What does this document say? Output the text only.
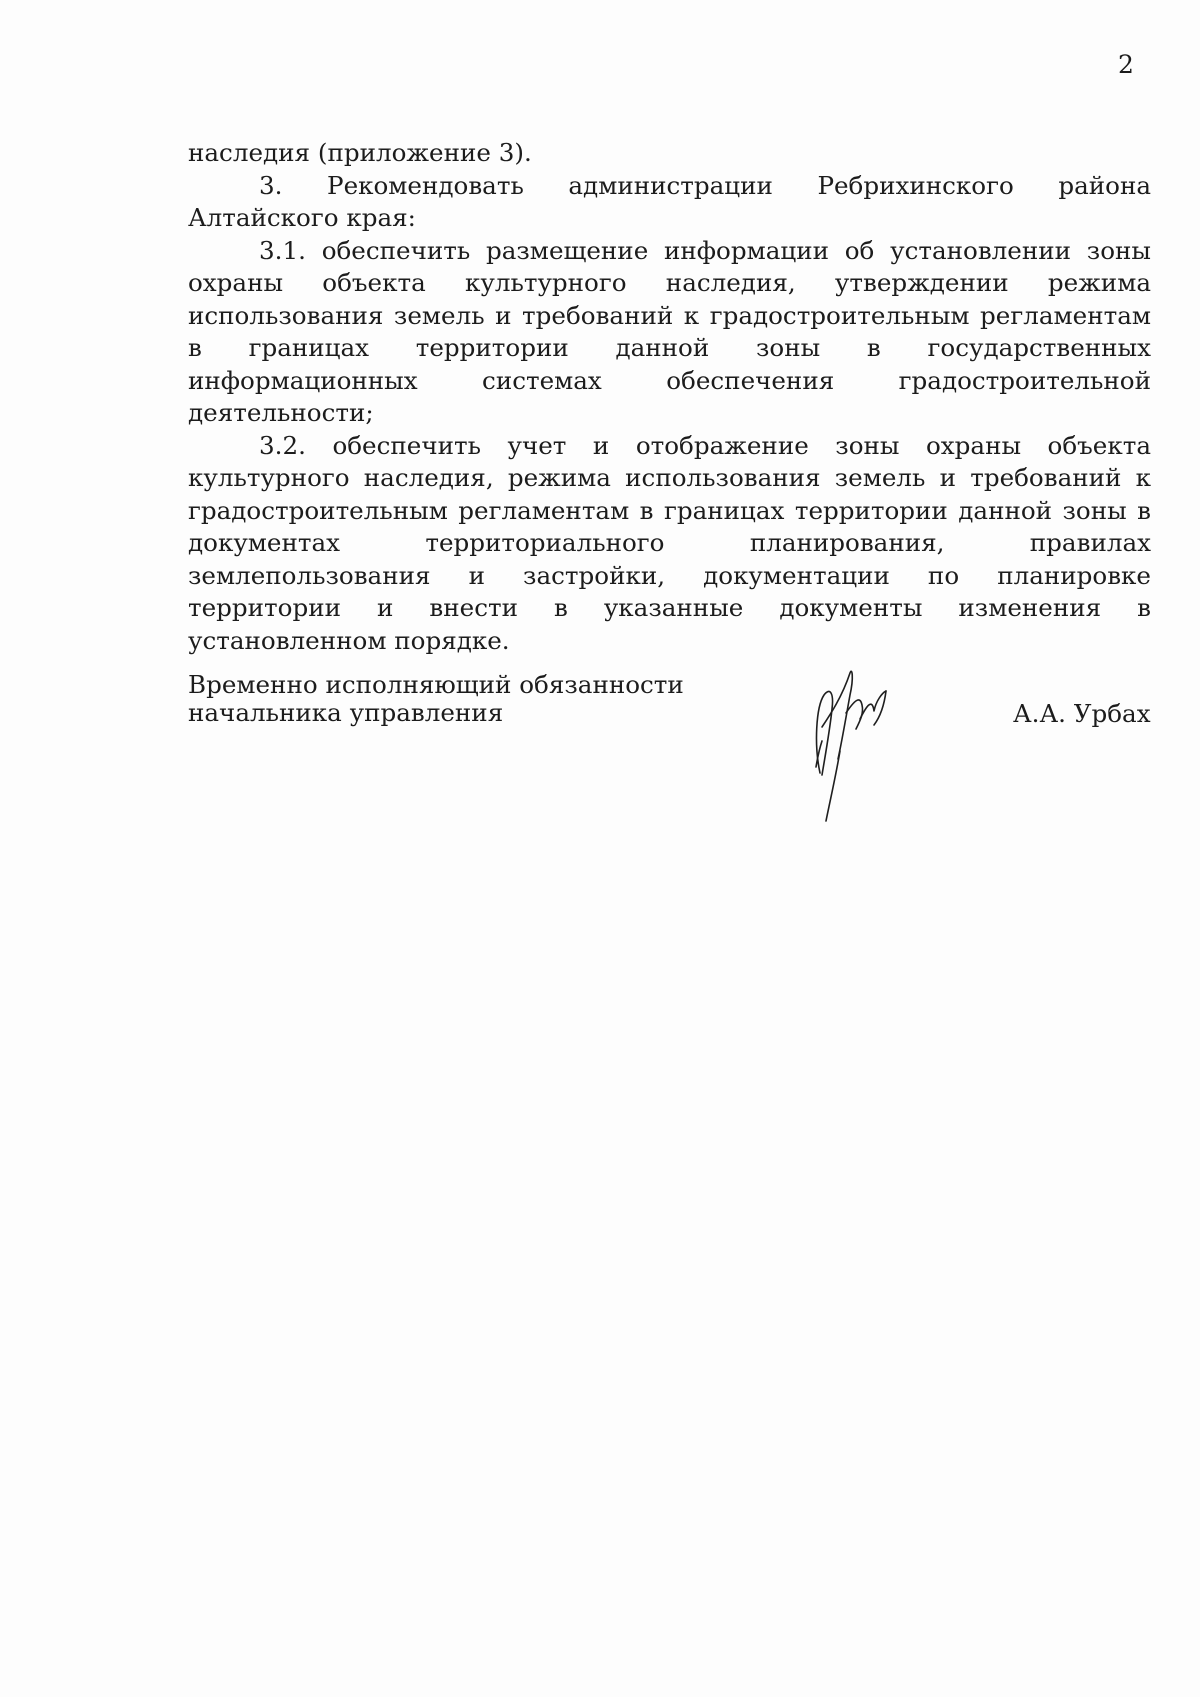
2

наследия (приложение 3).

3. Рекомендовать администрации Ребрихинского района Алтайского края:

3.1. обеспечить размещение информации об установлении зоны охраны объекта культурного наследия, утверждении режима использования земель и требований к градостроительным регламентам в границах территории данной зоны в государственных информационных системах обеспечения градостроительной деятельности;

3.2. обеспечить учет и отображение зоны охраны объекта культурного наследия, режима использования земель и требований к градостроительным регламентам в границах территории данной зоны в документах территориального планирования, правилах землепользования и застройки, документации по планировке территории и внести в указанные документы изменения в установленном порядке.

Временно исполняющий обязанности
начальника управления	А.А. Урбах
